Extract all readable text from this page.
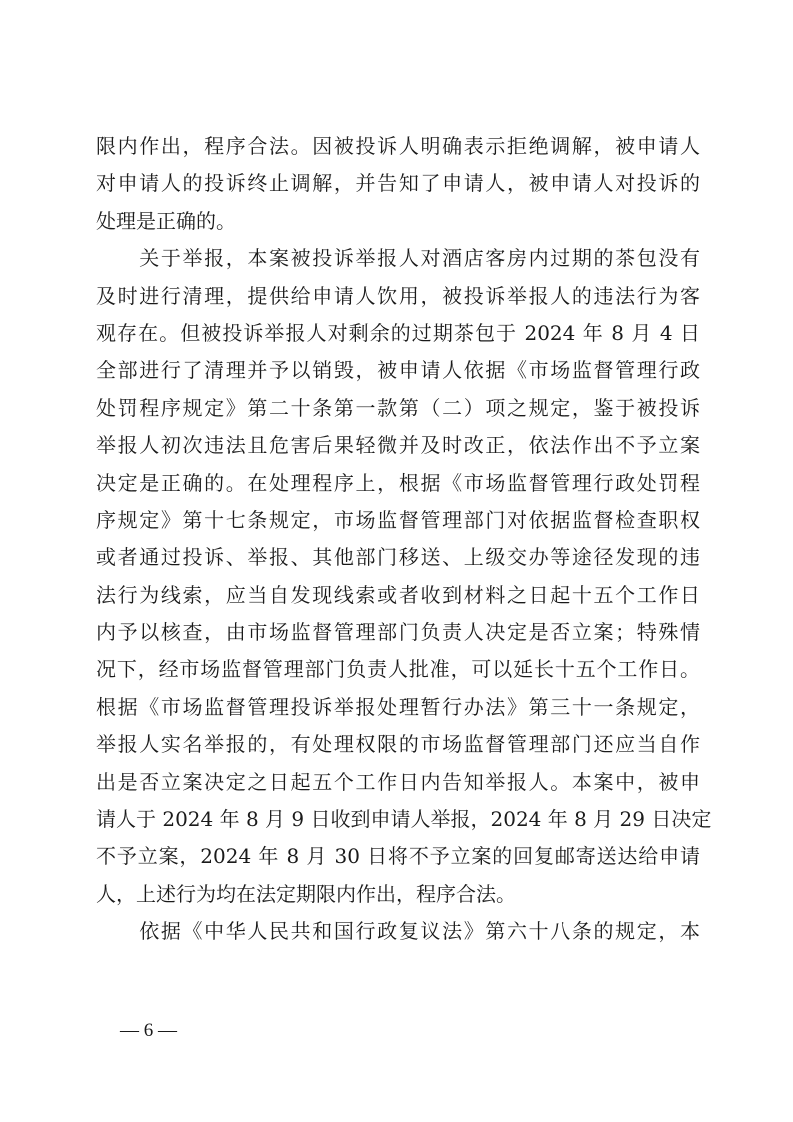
限内作出，程序合法。因被投诉人明确表示拒绝调解，被申请人
对申请人的投诉终止调解，并告知了申请人，被申请人对投诉的
处理是正确的。
　　关于举报，本案被投诉举报人对酒店客房内过期的茶包没有
及时进行清理，提供给申请人饮用，被投诉举报人的违法行为客
观存在。但被投诉举报人对剩余的过期茶包于 2024 年 8 月 4 日
全部进行了清理并予以销毁，被申请人依据《市场监督管理行政
处罚程序规定》第二十条第一款第（二）项之规定，鉴于被投诉
举报人初次违法且危害后果轻微并及时改正，依法作出不予立案
决定是正确的。在处理程序上，根据《市场监督管理行政处罚程
序规定》第十七条规定，市场监督管理部门对依据监督检查职权
或者通过投诉、举报、其他部门移送、上级交办等途径发现的违
法行为线索，应当自发现线索或者收到材料之日起十五个工作日
内予以核查，由市场监督管理部门负责人决定是否立案；特殊情
况下，经市场监督管理部门负责人批准，可以延长十五个工作日。
根据《市场监督管理投诉举报处理暂行办法》第三十一条规定，
举报人实名举报的，有处理权限的市场监督管理部门还应当自作
出是否立案决定之日起五个工作日内告知举报人。本案中，被申
请人于 2024 年 8 月 9 日收到申请人举报，2024 年 8 月 29 日决定
不予立案，2024 年 8 月 30 日将不予立案的回复邮寄送达给申请
人，上述行为均在法定期限内作出，程序合法。
　　依据《中华人民共和国行政复议法》第六十八条的规定，本
— 6 —
